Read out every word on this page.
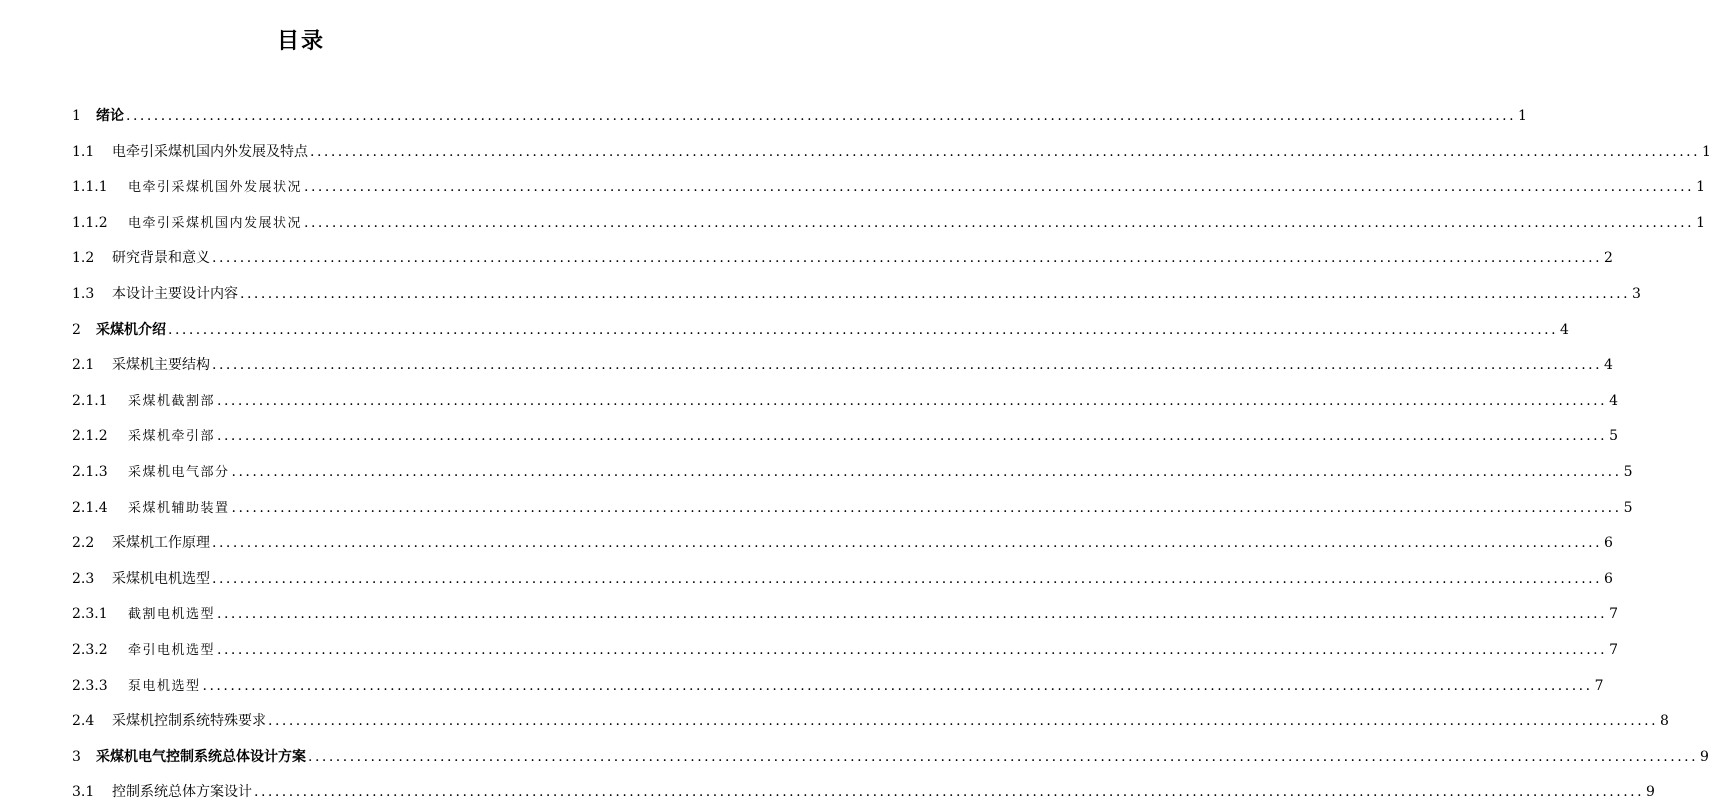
目录
1	绪论 ........................................................................................................................................................................................................ 1
1.1	电牵引采煤机国内外发展及特点 ........................................................................................................................................................................................................ 1
1.1.1	电牵引采煤机国外发展状况 ........................................................................................................................................................................................................ 1
1.1.2	电牵引采煤机国内发展状况 ........................................................................................................................................................................................................ 1
1.2	研究背景和意义 ........................................................................................................................................................................................................ 2
1.3	本设计主要设计内容 ........................................................................................................................................................................................................ 3
2	采煤机介绍 ........................................................................................................................................................................................................ 4
2.1	采煤机主要结构 ........................................................................................................................................................................................................ 4
2.1.1	采煤机截割部 ........................................................................................................................................................................................................ 4
2.1.2	采煤机牵引部 ........................................................................................................................................................................................................ 5
2.1.3	采煤机电气部分 ........................................................................................................................................................................................................ 5
2.1.4	采煤机辅助装置 ........................................................................................................................................................................................................ 5
2.2	采煤机工作原理 ........................................................................................................................................................................................................ 6
2.3	采煤机电机选型 ........................................................................................................................................................................................................ 6
2.3.1	截割电机选型 ........................................................................................................................................................................................................ 7
2.3.2	牵引电机选型 ........................................................................................................................................................................................................ 7
2.3.3	泵电机选型 ........................................................................................................................................................................................................ 7
2.4	采煤机控制系统特殊要求 ........................................................................................................................................................................................................ 8
3	采煤机电气控制系统总体设计方案 ........................................................................................................................................................................................................ 9
3.1	控制系统总体方案设计 ........................................................................................................................................................................................................ 9
